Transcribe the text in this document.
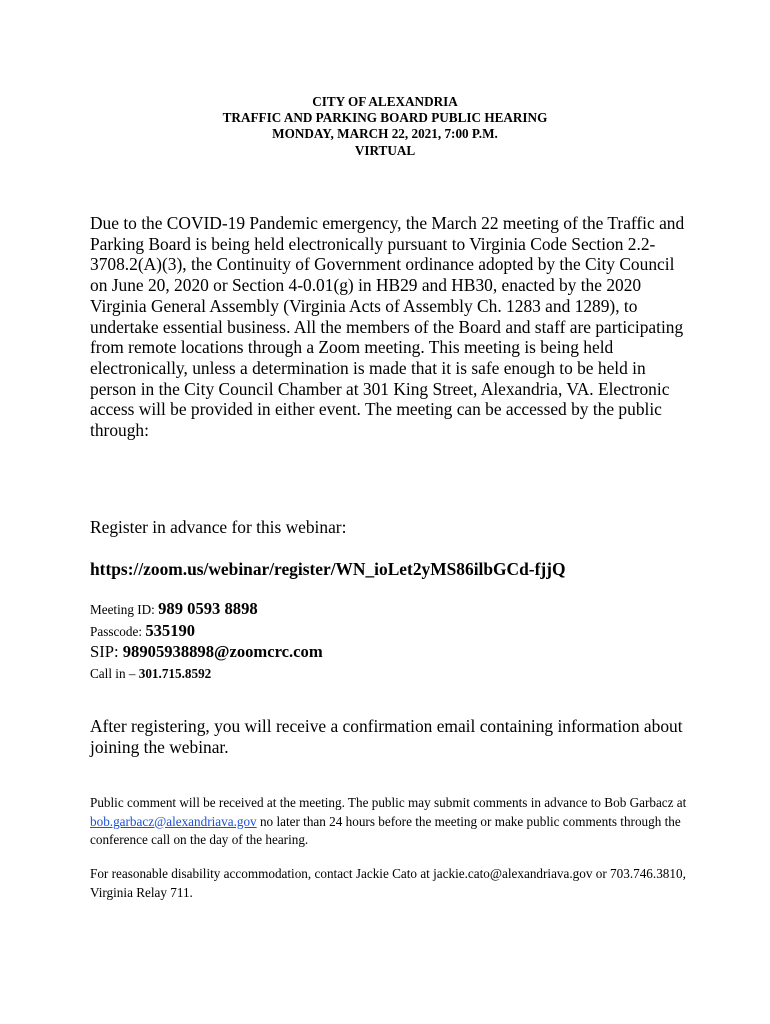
CITY OF ALEXANDRIA
TRAFFIC AND PARKING BOARD PUBLIC HEARING
MONDAY, MARCH 22, 2021, 7:00 P.M.
VIRTUAL

Due to the COVID-19 Pandemic emergency, the March 22 meeting of the Traffic and Parking Board is being held electronically pursuant to Virginia Code Section 2.2-3708.2(A)(3), the Continuity of Government ordinance adopted by the City Council on June 20, 2020 or Section 4-0.01(g) in HB29 and HB30, enacted by the 2020 Virginia General Assembly (Virginia Acts of Assembly Ch. 1283 and 1289), to undertake essential business. All the members of the Board and staff are participating from remote locations through a Zoom meeting. This meeting is being held electronically, unless a determination is made that it is safe enough to be held in person in the City Council Chamber at 301 King Street, Alexandria, VA. Electronic access will be provided in either event. The meeting can be accessed by the public through:

Register in advance for this webinar:
https://zoom.us/webinar/register/WN_ioLet2yMS86ilbGCd-fjjQ
Meeting ID: 989 0593 8898
Passcode: 535190
SIP: 98905938898@zoomcrc.com
Call in – 301.715.8592

After registering, you will receive a confirmation email containing information about joining the webinar.

Public comment will be received at the meeting. The public may submit comments in advance to Bob Garbacz at bob.garbacz@alexandriava.gov no later than 24 hours before the meeting or make public comments through the conference call on the day of the hearing.

For reasonable disability accommodation, contact Jackie Cato at jackie.cato@alexandriava.gov or 703.746.3810, Virginia Relay 711.
